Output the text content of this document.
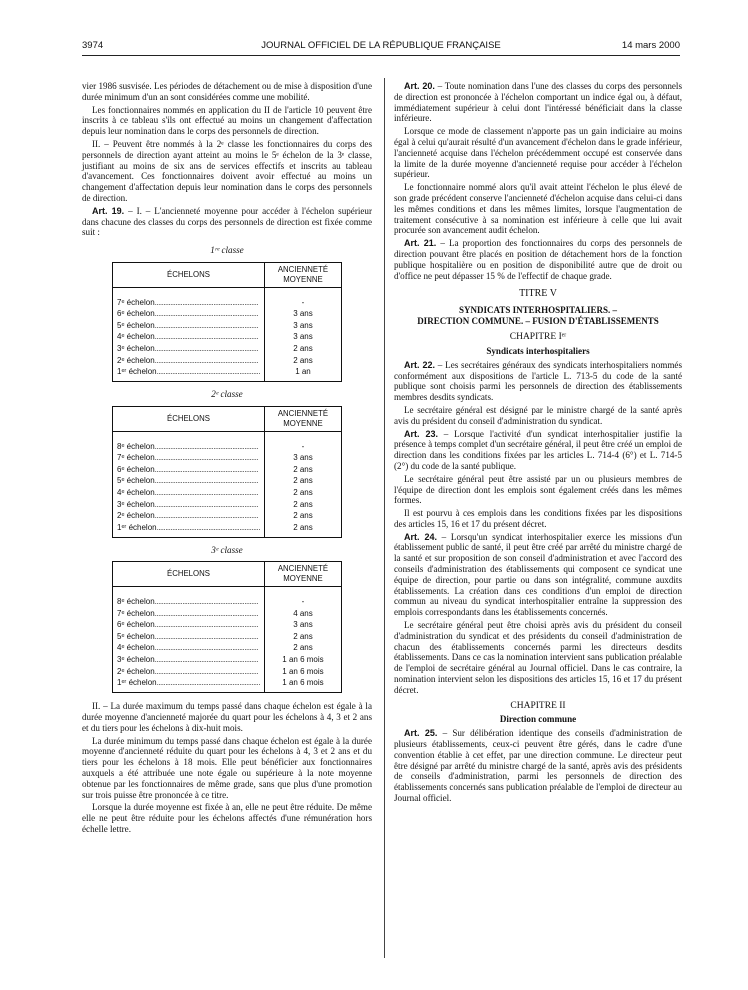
3974	JOURNAL OFFICIEL DE LA RÉPUBLIQUE FRANÇAISE	14 mars 2000

vier 1986 susvisée. Les périodes de détachement ou de mise à disposition d'une durée minimum d'un an sont considérées comme une mobilité.

Les fonctionnaires nommés en application du II de l'article 10 peuvent être inscrits à ce tableau s'ils ont effectué au moins un changement d'affectation depuis leur nomination dans le corps des personnels de direction.

II. – Peuvent être nommés à la 2ᵉ classe les fonctionnaires du corps des personnels de direction ayant atteint au moins le 5ᵉ échelon de la 3ᵉ classe, justifiant au moins de six ans de services effectifs et inscrits au tableau d'avancement. Ces fonctionnaires doivent avoir effectué au moins un changement d'affectation depuis leur nomination dans le corps des personnels de direction.

Art. 19. – I. – L'ancienneté moyenne pour accéder à l'échelon supérieur dans chacune des classes du corps des personnels de direction est fixée comme suit :

1ʳᵉ classe
ÉCHELONS	ANCIENNETÉ MOYENNE

7ᵉ échelon............................................................	-
6ᵉ échelon............................................................	3 ans
5ᵉ échelon............................................................	3 ans
4ᵉ échelon............................................................	3 ans
3ᵉ échelon............................................................	2 ans
2ᵉ échelon............................................................	2 ans
1ᵉʳ échelon............................................................	1 an

2ᵉ classe
ÉCHELONS	ANCIENNETÉ MOYENNE

8ᵉ échelon............................................................	-
7ᵉ échelon............................................................	3 ans
6ᵉ échelon............................................................	2 ans
5ᵉ échelon............................................................	2 ans
4ᵉ échelon............................................................	2 ans
3ᵉ échelon............................................................	2 ans
2ᵉ échelon............................................................	2 ans
1ᵉʳ échelon............................................................	2 ans

3ᵉ classe
ÉCHELONS	ANCIENNETÉ MOYENNE

8ᵉ échelon............................................................	-
7ᵉ échelon............................................................	4 ans
6ᵉ échelon............................................................	3 ans
5ᵉ échelon............................................................	2 ans
4ᵉ échelon............................................................	2 ans
3ᵉ échelon............................................................	1 an 6 mois
2ᵉ échelon............................................................	1 an 6 mois
1ᵉʳ échelon............................................................	1 an 6 mois

II. – La durée maximum du temps passé dans chaque échelon est égale à la durée moyenne d'ancienneté majorée du quart pour les échelons à 4, 3 et 2 ans et du tiers pour les échelons à dix-huit mois.

La durée minimum du temps passé dans chaque échelon est égale à la durée moyenne d'ancienneté réduite du quart pour les échelons à 4, 3 et 2 ans et du tiers pour les échelons à 18 mois. Elle peut bénéficier aux fonctionnaires auxquels a été attribuée une note égale ou supérieure à la note moyenne obtenue par les fonctionnaires de même grade, sans que plus d'une promotion sur trois puisse être prononcée à ce titre.

Lorsque la durée moyenne est fixée à an, elle ne peut être réduite. De même elle ne peut être réduite pour les échelons affectés d'une rémunération hors échelle lettre.

Art. 20. – Toute nomination dans l'une des classes du corps des personnels de direction est prononcée à l'échelon comportant un indice égal ou, à défaut, immédiatement supérieur à celui dont l'intéressé bénéficiait dans la classe inférieure.

Lorsque ce mode de classement n'apporte pas un gain indiciaire au moins égal à celui qu'aurait résulté d'un avancement d'échelon dans le grade inférieur, l'ancienneté acquise dans l'échelon précédemment occupé est conservée dans la limite de la durée moyenne d'ancienneté requise pour accéder à l'échelon supérieur.

Le fonctionnaire nommé alors qu'il avait atteint l'échelon le plus élevé de son grade précédent conserve l'ancienneté d'échelon acquise dans celui-ci dans les mêmes conditions et dans les mêmes limites, lorsque l'augmentation de traitement consécutive à sa nomination est inférieure à celle que lui avait procurée son avancement audit échelon.

Art. 21. – La proportion des fonctionnaires du corps des personnels de direction pouvant être placés en position de détachement hors de la fonction publique hospitalière ou en position de disponibilité autre que de droit ou d'office ne peut dépasser 15 % de l'effectif de chaque grade.

TITRE V
SYNDICATS INTERHOSPITALIERS. –
DIRECTION COMMUNE. – FUSION D'ÉTABLISSEMENTS
CHAPITRE Iᵉʳ
Syndicats interhospitaliers

Art. 22. – Les secrétaires généraux des syndicats interhospitaliers nommés conformément aux dispositions de l'article L. 713-5 du code de la santé publique sont choisis parmi les personnels de direction des établissements membres desdits syndicats.

Le secrétaire général est désigné par le ministre chargé de la santé après avis du président du conseil d'administration du syndicat.

Art. 23. – Lorsque l'activité d'un syndicat interhospitalier justifie la présence à temps complet d'un secrétaire général, il peut être créé un emploi de direction dans les conditions fixées par les articles L. 714-4 (6°) et L. 714-5 (2°) du code de la santé publique.

Le secrétaire général peut être assisté par un ou plusieurs membres de l'équipe de direction dont les emplois sont également créés dans les mêmes formes.

Il est pourvu à ces emplois dans les conditions fixées par les dispositions des articles 15, 16 et 17 du présent décret.

Art. 24. – Lorsqu'un syndicat interhospitalier exerce les missions d'un établissement public de santé, il peut être créé par arrêté du ministre chargé de la santé et sur proposition de son conseil d'administration et avec l'accord des conseils d'administration des établissements qui composent ce syndicat une équipe de direction, pour partie ou dans son intégralité, commune auxdits établissements. La création dans ces conditions d'un emploi de direction commun au niveau du syndicat interhospitalier entraîne la suppression des emplois correspondants dans les établissements concernés.

Le secrétaire général peut être choisi après avis du président du conseil d'administration du syndicat et des présidents du conseil d'administration de chacun des établissements concernés parmi les directeurs desdits établissements. Dans ce cas la nomination intervient sans publication préalable de l'emploi de secrétaire général au Journal officiel. Dans le cas contraire, la nomination intervient selon les dispositions des articles 15, 16 et 17 du présent décret.

CHAPITRE II
Direction commune

Art. 25. – Sur délibération identique des conseils d'administration de plusieurs établissements, ceux-ci peuvent être gérés, dans le cadre d'une convention établie à cet effet, par une direction commune. Le directeur peut être désigné par arrêté du ministre chargé de la santé, après avis des présidents de conseils d'administration, parmi les personnels de direction des établissements concernés sans publication préalable de l'emploi de directeur au Journal officiel.
